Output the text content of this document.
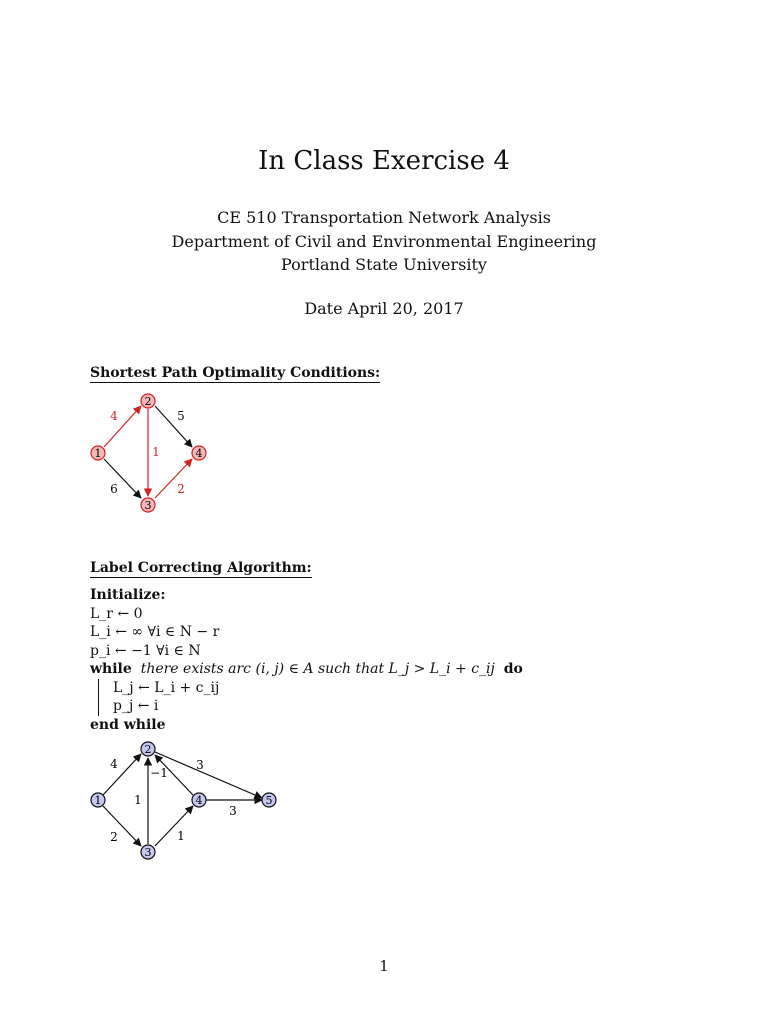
In Class Exercise 4
CE 510 Transportation Network Analysis
Department of Civil and Environmental Engineering
Portland State University
Date April 20, 2017
Shortest Path Optimality Conditions:
4	5
1
6	2
1
2
3
4
4
2
1
−1
3
1
3
1
2
3
4	5
Label Correcting Algorithm:
Initialize:
L_r ← 0
L_i ← ∞ ∀i ∈ N − r
p_i ← −1 ∀i ∈ N
while there exists arc (i, j) ∈ A such that L_j > L_i + c_ij do
L_j ← L_i + c_ij
p_j ← i
end while
1
